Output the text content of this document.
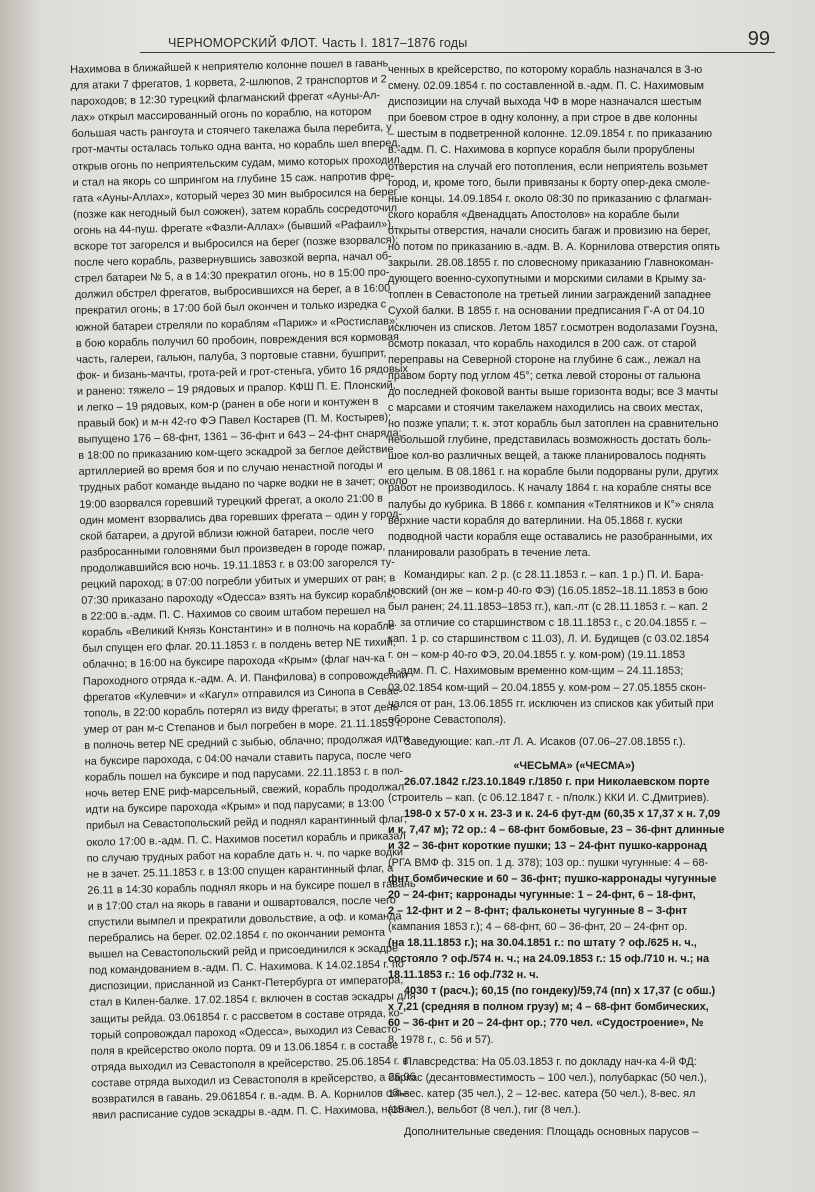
ЧЕРНОМОРСКИЙ ФЛОТ. Часть I. 1817–1876 годы	99
Нахимова в ближайшей к неприятелю колонне пошел в гавань
для атаки 7 фрегатов, 1 корвета, 2-шлюпов, 2 транспортов и 2
пароходов; в 12:30 турецкий флагманский фрегат «Ауны-Ал-
лах» открыл массированный огонь по кораблю, на котором
большая часть рангоута и стоячего такелажа была перебита, у
грот-мачты осталась только одна ванта, но корабль шел вперед,
открыв огонь по неприятельским судам, мимо которых проходил,
и стал на якорь со шпрингом на глубине 15 саж. напротив фре-
гата «Ауны-Аллах», который через 30 мин выбросился на берег
(позже как негодный был сожжен), затем корабль сосредоточил
огонь на 44-пуш. фрегате «Фазли-Аллах» (бывший «Рафаил»),
вскоре тот загорелся и выбросился на берег (позже взорвался);
после чего корабль, развернувшись завозкой верпа, начал об-
стрел батареи № 5, а в 14:30 прекратил огонь, но в 15:00 про-
должил обстрел фрегатов, выбросившихся на берег, а в 16:00
прекратил огонь; в 17:00 бой был окончен и только изредка с
южной батареи стреляли по кораблям «Париж» и «Ростислав»;
в бою корабль получил 60 пробоин, повреждения вся кормовая
часть, галереи, гальюн, палуба, 3 портовые ставни, бушприт,
фок- и бизань-мачты, грота-рей и грот-стеньга, убито 16 рядовых
и ранено: тяжело – 19 рядовых и прапор. КФШ П. Е. Плонский,
и легко – 19 рядовых, ком-р (ранен в обе ноги и контужен в
правый бок) и м-н 42-го ФЭ Павел Костарев (П. М. Костырев);
выпущено 176 – 68-фнт, 1361 – 36-фнт и 643 – 24-фнт снаряда;
в 18:00 по приказанию ком-щего эскадрой за беглое действие
артиллерией во время боя и по случаю ненастной погоды и
трудных работ команде выдано по чарке водки не в зачет; около
19:00 взорвался горевший турецкий фрегат, а около 21:00 в
один момент взорвались два горевших фрегата – один у город-
ской батареи, а другой вблизи южной батареи, после чего
разбросанными головнями был произведен в городе пожар,
продолжавшийся всю ночь. 19.11.1853 г. в 03:00 загорелся ту-
рецкий пароход; в 07:00 погребли убитых и умерших от ран; в
07:30 приказано пароходу «Одесса» взять на буксир корабль;
в 22:00 в.-адм. П. С. Нахимов со своим штабом перешел на
корабль «Великий Князь Константин» и в полночь на корабле
был спущен его флаг. 20.11.1853 г. в полдень ветер NE тихий,
облачно; в 16:00 на буксире парохода «Крым» (флаг нач-ка
Пароходного отряда к.-адм. А. И. Панфилова) в сопровождении
фрегатов «Кулевчи» и «Кагул» отправился из Синопа в Севас-
тополь, в 22:00 корабль потерял из виду фрегаты; в этот день
умер от ран м-с Степанов и был погребен в море. 21.11.1853 г.
в полночь ветер NE средний с зыбью, облачно; продолжая идти
на буксире парохода, с 04:00 начали ставить паруса, после чего
корабль пошел на буксире и под парусами. 22.11.1853 г. в пол-
ночь ветер ENE риф-марсельный, свежий, корабль продолжал
идти на буксире парохода «Крым» и под парусами; в 13:00
прибыл на Севастопольский рейд и поднял карантинный флаг;
около 17:00 в.-адм. П. С. Нахимов посетил корабль и приказал
по случаю трудных работ на корабле дать н. ч. по чарке водки
не в зачет. 25.11.1853 г. в 13:00 спущен карантинный флаг, а
26.11 в 14:30 корабль поднял якорь и на буксире пошел в гавань
и в 17:00 стал на якорь в гавани и ошвартовался, после чего
спустили вымпел и прекратили довольствие, а оф. и команда
перебрались на берег. 02.02.1854 г. по окончании ремонта
вышел на Севастопольский рейд и присоединился к эскадре
под командованием в.-адм. П. С. Нахимова. К 14.02.1854 г. по
диспозиции, присланной из Санкт-Петербурга от императора,
стал в Килен-балке. 17.02.1854 г. включен в состав эскадры для
защиты рейда. 03.061854 г. с рассветом в составе отряда, ко-
торый сопровождал пароход «Одесса», выходил из Севасто-
поля в крейсерство около порта. 09 и 13.06.1854 г. в составе
отряда выходил из Севастополя в крейсерство. 25.06.1854 г. в
составе отряда выходил из Севастополя в крейсерство, а 26.06
возвратился в гавань. 29.061854 г. в.-адм. В. А. Корнилов объ-
явил расписание судов эскадры в.-адм. П. С. Нахимова, назна-
ченных в крейсерство, по которому корабль назначался в 3-ю
смену. 02.09.1854 г. по составленной в.-адм. П. С. Нахимовым
диспозиции на случай выхода ЧФ в море назначался шестым
при боевом строе в одну колонну, а при строе в две колонны
– шестым в подветренной колонне. 12.09.1854 г. по приказанию
в.-адм. П. С. Нахимова в корпусе корабля были прорублены
отверстия на случай его потопления, если неприятель возьмет
город, и, кроме того, были привязаны к борту опер-дека смоле-
ные концы. 14.09.1854 г. около 08:30 по приказанию с флагман-
ского корабля «Двенадцать Апостолов» на корабле были
открыты отверстия, начали сносить багаж и провизию на берег,
но потом по приказанию в.-адм. В. А. Корнилова отверстия опять
закрыли. 28.08.1855 г. по словесному приказанию Главнокоман-
дующего военно-сухопутными и морскими силами в Крыму за-
топлен в Севастополе на третьей линии заграждений западнее
Сухой балки. В 1855 г. на основании предписания Г-А от 04.10
исключен из списков. Летом 1857 г.осмотрен водолазами Гоуэна,
осмотр показал, что корабль находился в 200 саж. от старой
переправы на Северной стороне на глубине 6 саж., лежал на
правом борту под углом 45°; сетка левой стороны от гальюна
до последней фоковой ванты выше горизонта воды; все 3 мачты
с марсами и стоячим такелажем находились на своих местах,
но позже упали; т. к. этот корабль был затоплен на сравнительно
небольшой глубине, представилась возможность достать боль-
шое кол-во различных вещей, а также планировалось поднять
его целым. В 08.1861 г. на корабле были подорваны рули, других
работ не производилось. К началу 1864 г. на корабле сняты все
палубы до кубрика. В 1866 г. компания «Телятников и К°» сняла
верхние части корабля до ватерлинии. На 05.1868 г. куски
подводной части корабля еще оставались не разобранными, их
планировали разобрать в течение лета.
Командиры: кап. 2 р. (с 28.11.1853 г. – кап. 1 р.) П. И. Бара-
новский (он же – ком-р 40-го ФЭ) (16.05.1852–18.11.1853 в бою
был ранен; 24.11.1853–1853 гг.), кап.-лт (с 28.11.1853 г. – кап. 2
р. за отличие со старшинством с 18.11.1853 г., с 20.04.1855 г. –
кап. 1 р. со старшинством с 11.03), Л. И. Будищев (с 03.02.1854
г. он – ком-р 40-го ФЭ, 20.04.1855 г. у. ком-ром) (19.11.1853
в.-адм. П. С. Нахимовым временно ком-щим – 24.11.1853;
03.02.1854 ком-щий – 20.04.1855 у. ком-ром – 27.05.1855 скон-
чался от ран, 13.06.1855 гг. исключен из списков как убитый при
обороне Севастополя).
Заведующие: кап.-лт Л. А. Исаков (07.06–27.08.1855 г.).
«ЧЕСЬМА» («ЧЕСМА»)
26.07.1842 г./23.10.1849 г./1850 г. при Николаевском порте
(строитель – кап. (с 06.12.1847 г. - п/полк.) ККИ И. С.Дмитриев).
198-0 x 57-0 x н. 23-3 и к. 24-6 фут-дм (60,35 x 17,37 x н. 7,09
и к. 7,47 м); 72 ор.: 4 – 68-фнт бомбовые, 23 – 36-фнт длинные
и 32 – 36-фнт короткие пушки; 13 – 24-фнт пушко-карронад
(РГА ВМФ ф. 315 оп. 1 д. 378); 103 ор.: пушки чугунные: 4 – 68-
фнт бомбические и 60 – 36-фнт; пушко-карронады чугунные
20 – 24-фнт; карронады чугунные: 1 – 24-фнт, 6 – 18-фнт,
2 – 12-фнт и 2 – 8-фнт; фальконеты чугунные 8 – 3-фнт
(кампания 1853 г.); 4 – 68-фнт, 60 – 36-фнт, 20 – 24-фнт ор.
(на 18.11.1853 г.); на 30.04.1851 г.: по штату ? оф./625 н. ч.,
состояло ? оф./574 н. ч.; на 24.09.1853 г.: 15 оф./710 н. ч.; на
18.11.1853 г.: 16 оф./732 н. ч.
4030 т (расч.); 60,15 (по гондеку)/59,74 (пп) x 17,37 (с обш.)
x 7,21 (средняя в полном грузу) м; 4 – 68-фнт бомбических,
60 – 36-фнт и 20 – 24-фнт ор.; 770 чел. «Судостроение», №
8, 1978 г., с. 56 и 57).
Плавсредства: На 05.03.1853 г. по докладу нач-ка 4-й ФД:
баркас (десантовместимость – 100 чел.), полубаркас (50 чел.),
14-вес. катер (35 чел.), 2 – 12-вес. катера (50 чел.), 8-вес. ял
(15 чел.), вельбот (8 чел.), гиг (8 чел.).
Дополнительные сведения: Площадь основных парусов –
